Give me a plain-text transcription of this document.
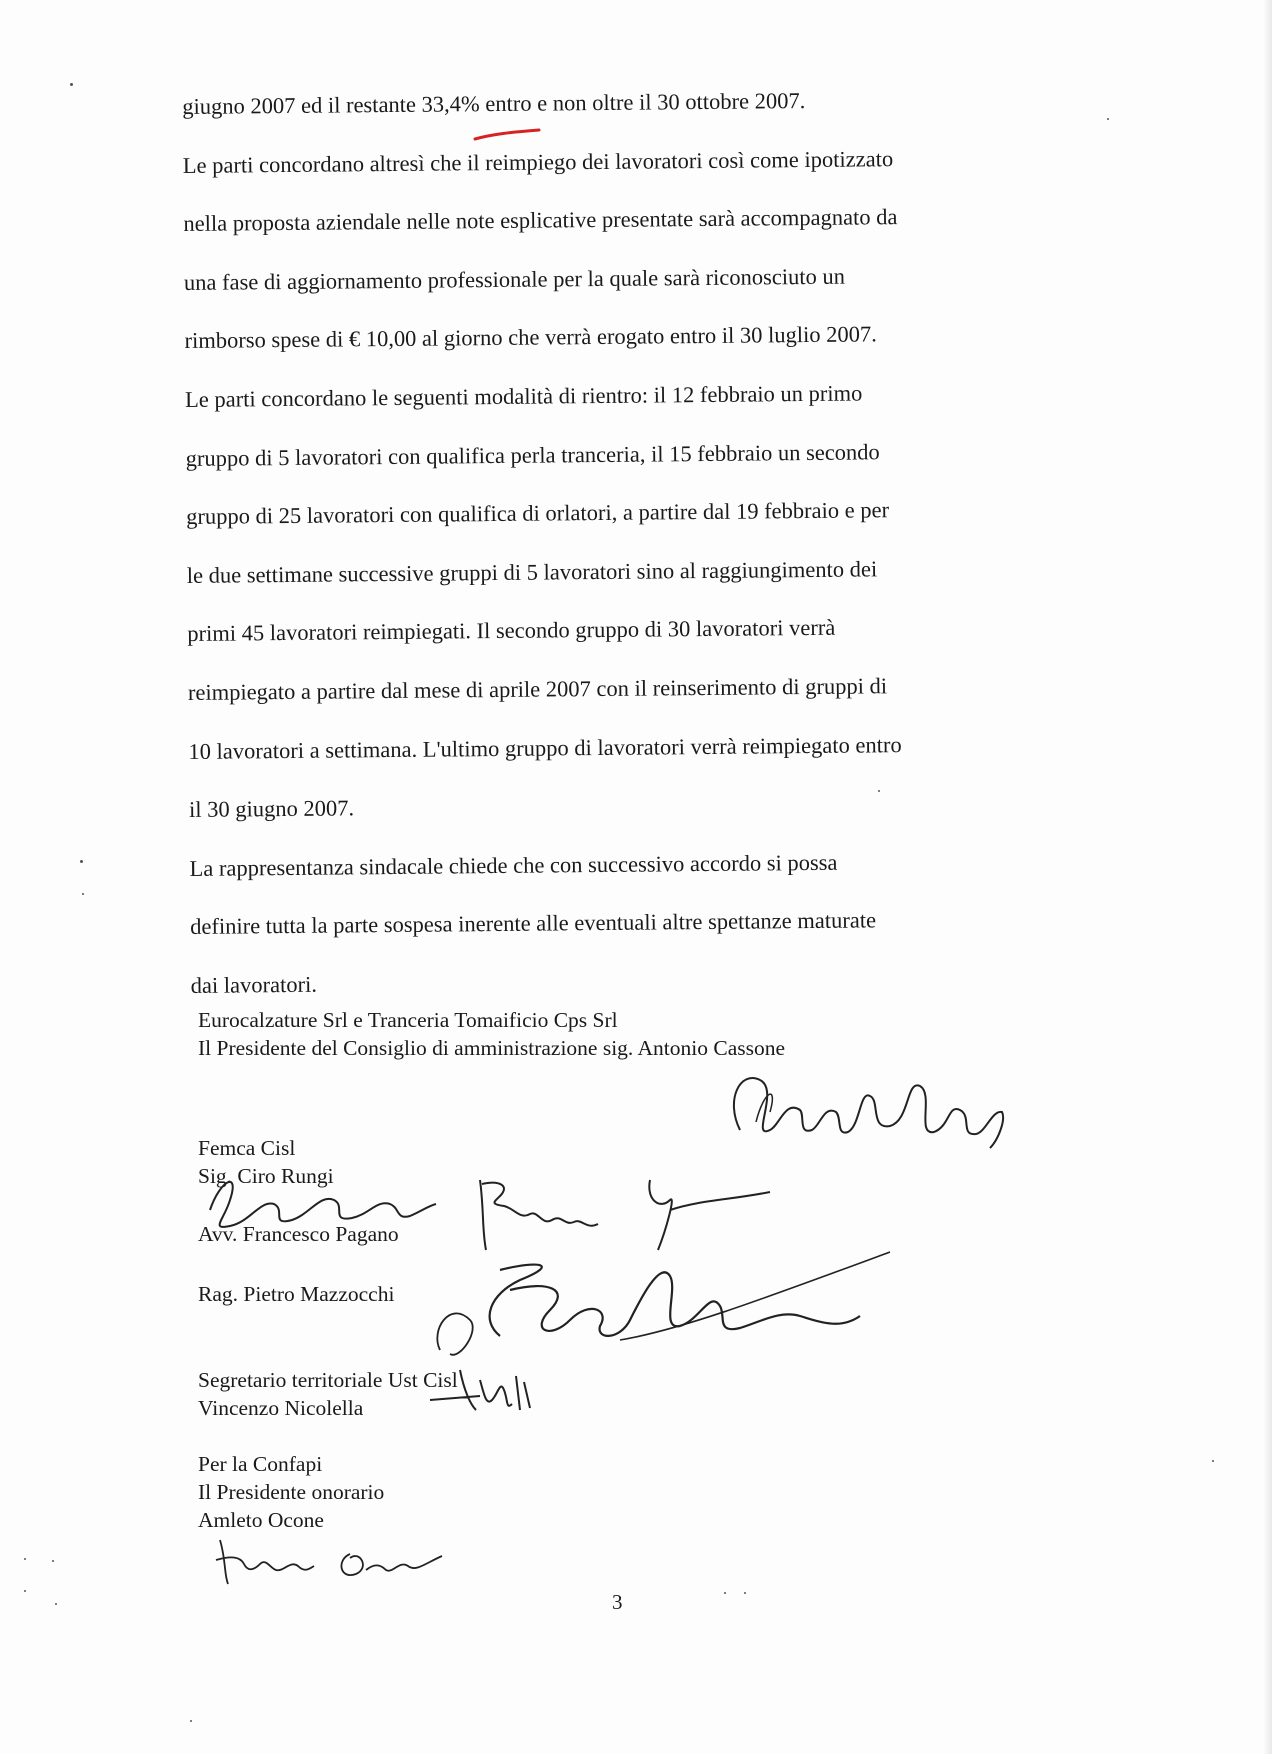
giugno 2007 ed il restante 33,4% entro e non oltre il 30 ottobre 2007.

Le parti concordano altresì che il reimpiego dei lavoratori così come ipotizzato
nella proposta aziendale nelle note esplicative presentate sarà accompagnato da
una fase di aggiornamento professionale per la quale sarà riconosciuto un
rimborso spese di € 10,00 al giorno che verrà erogato entro il 30 luglio 2007.

Le parti concordano le seguenti modalità di rientro: il 12 febbraio un primo
gruppo di 5 lavoratori con qualifica perla tranceria, il 15 febbraio un secondo
gruppo di 25 lavoratori con qualifica di orlatori, a partire dal 19 febbraio e per
le due settimane successive gruppi di 5 lavoratori sino al raggiungimento dei
primi 45 lavoratori reimpiegati. Il secondo gruppo di 30 lavoratori verrà
reimpiegato a partire dal mese di aprile 2007 con il reinserimento di gruppi di
10 lavoratori a settimana. L'ultimo gruppo di lavoratori verrà reimpiegato entro
il 30 giugno 2007.

La rappresentanza sindacale chiede che con successivo accordo si possa
definire tutta la parte sospesa inerente alle eventuali altre spettanze maturate
dai lavoratori.

Eurocalzature Srl e Tranceria Tomaificio Cps Srl
Il Presidente del Consiglio di amministrazione sig. Antonio Cassone
Femca Cisl
Sig. Ciro Rungi
Avv. Francesco Pagano
Rag. Pietro Mazzocchi
Segretario territoriale Ust Cisl
Vincenzo Nicolella
Per la Confapi
Il Presidente onorario
Amleto Ocone
3
